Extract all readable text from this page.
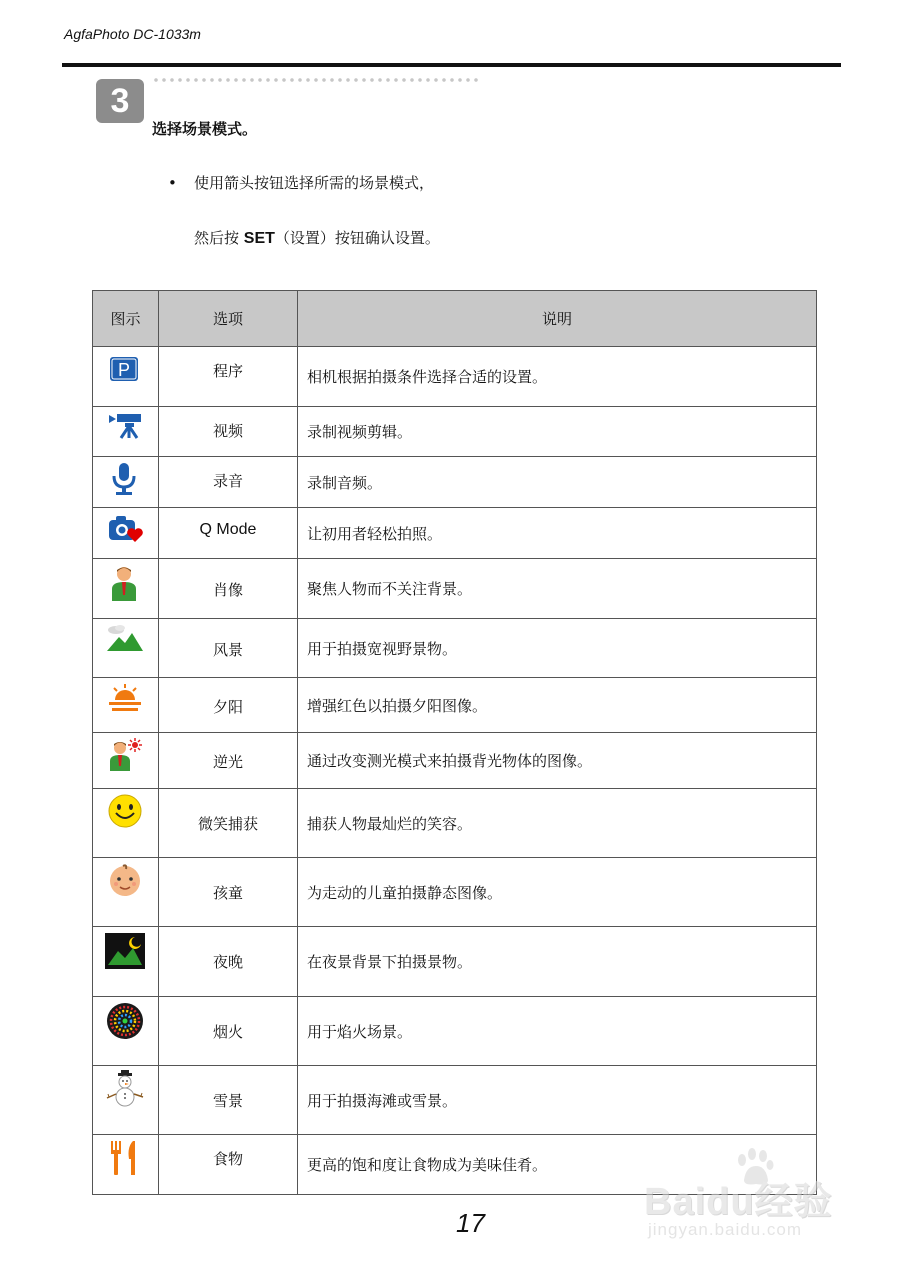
AgfaPhoto DC-1033m
3
选择场景模式。
• 使用箭头按钮选择所需的场景模式，
然后按 SET（设置）按钮确认设置。
图示	选项	说明

P	程序	相机根据拍摄条件选择合适的设置。

视频	录制视频剪辑。

录音	录制音频。

Q Mode	让初用者轻松拍照。

肖像	聚焦人物而不关注背景。

风景	用于拍摄宽视野景物。

夕阳	增强红色以拍摄夕阳图像。

逆光	通过改变测光模式来拍摄背光物体的图像。

微笑捕获	捕获人物最灿烂的笑容。

孩童	为走动的儿童拍摄静态图像。

夜晚	在夜景背景下拍摄景物。

烟火	用于焰火场景。

雪景	用于拍摄海滩或雪景。

食物	更高的饱和度让食物成为美味佳肴。
17	Baidu经验
jingyan.baidu.com
